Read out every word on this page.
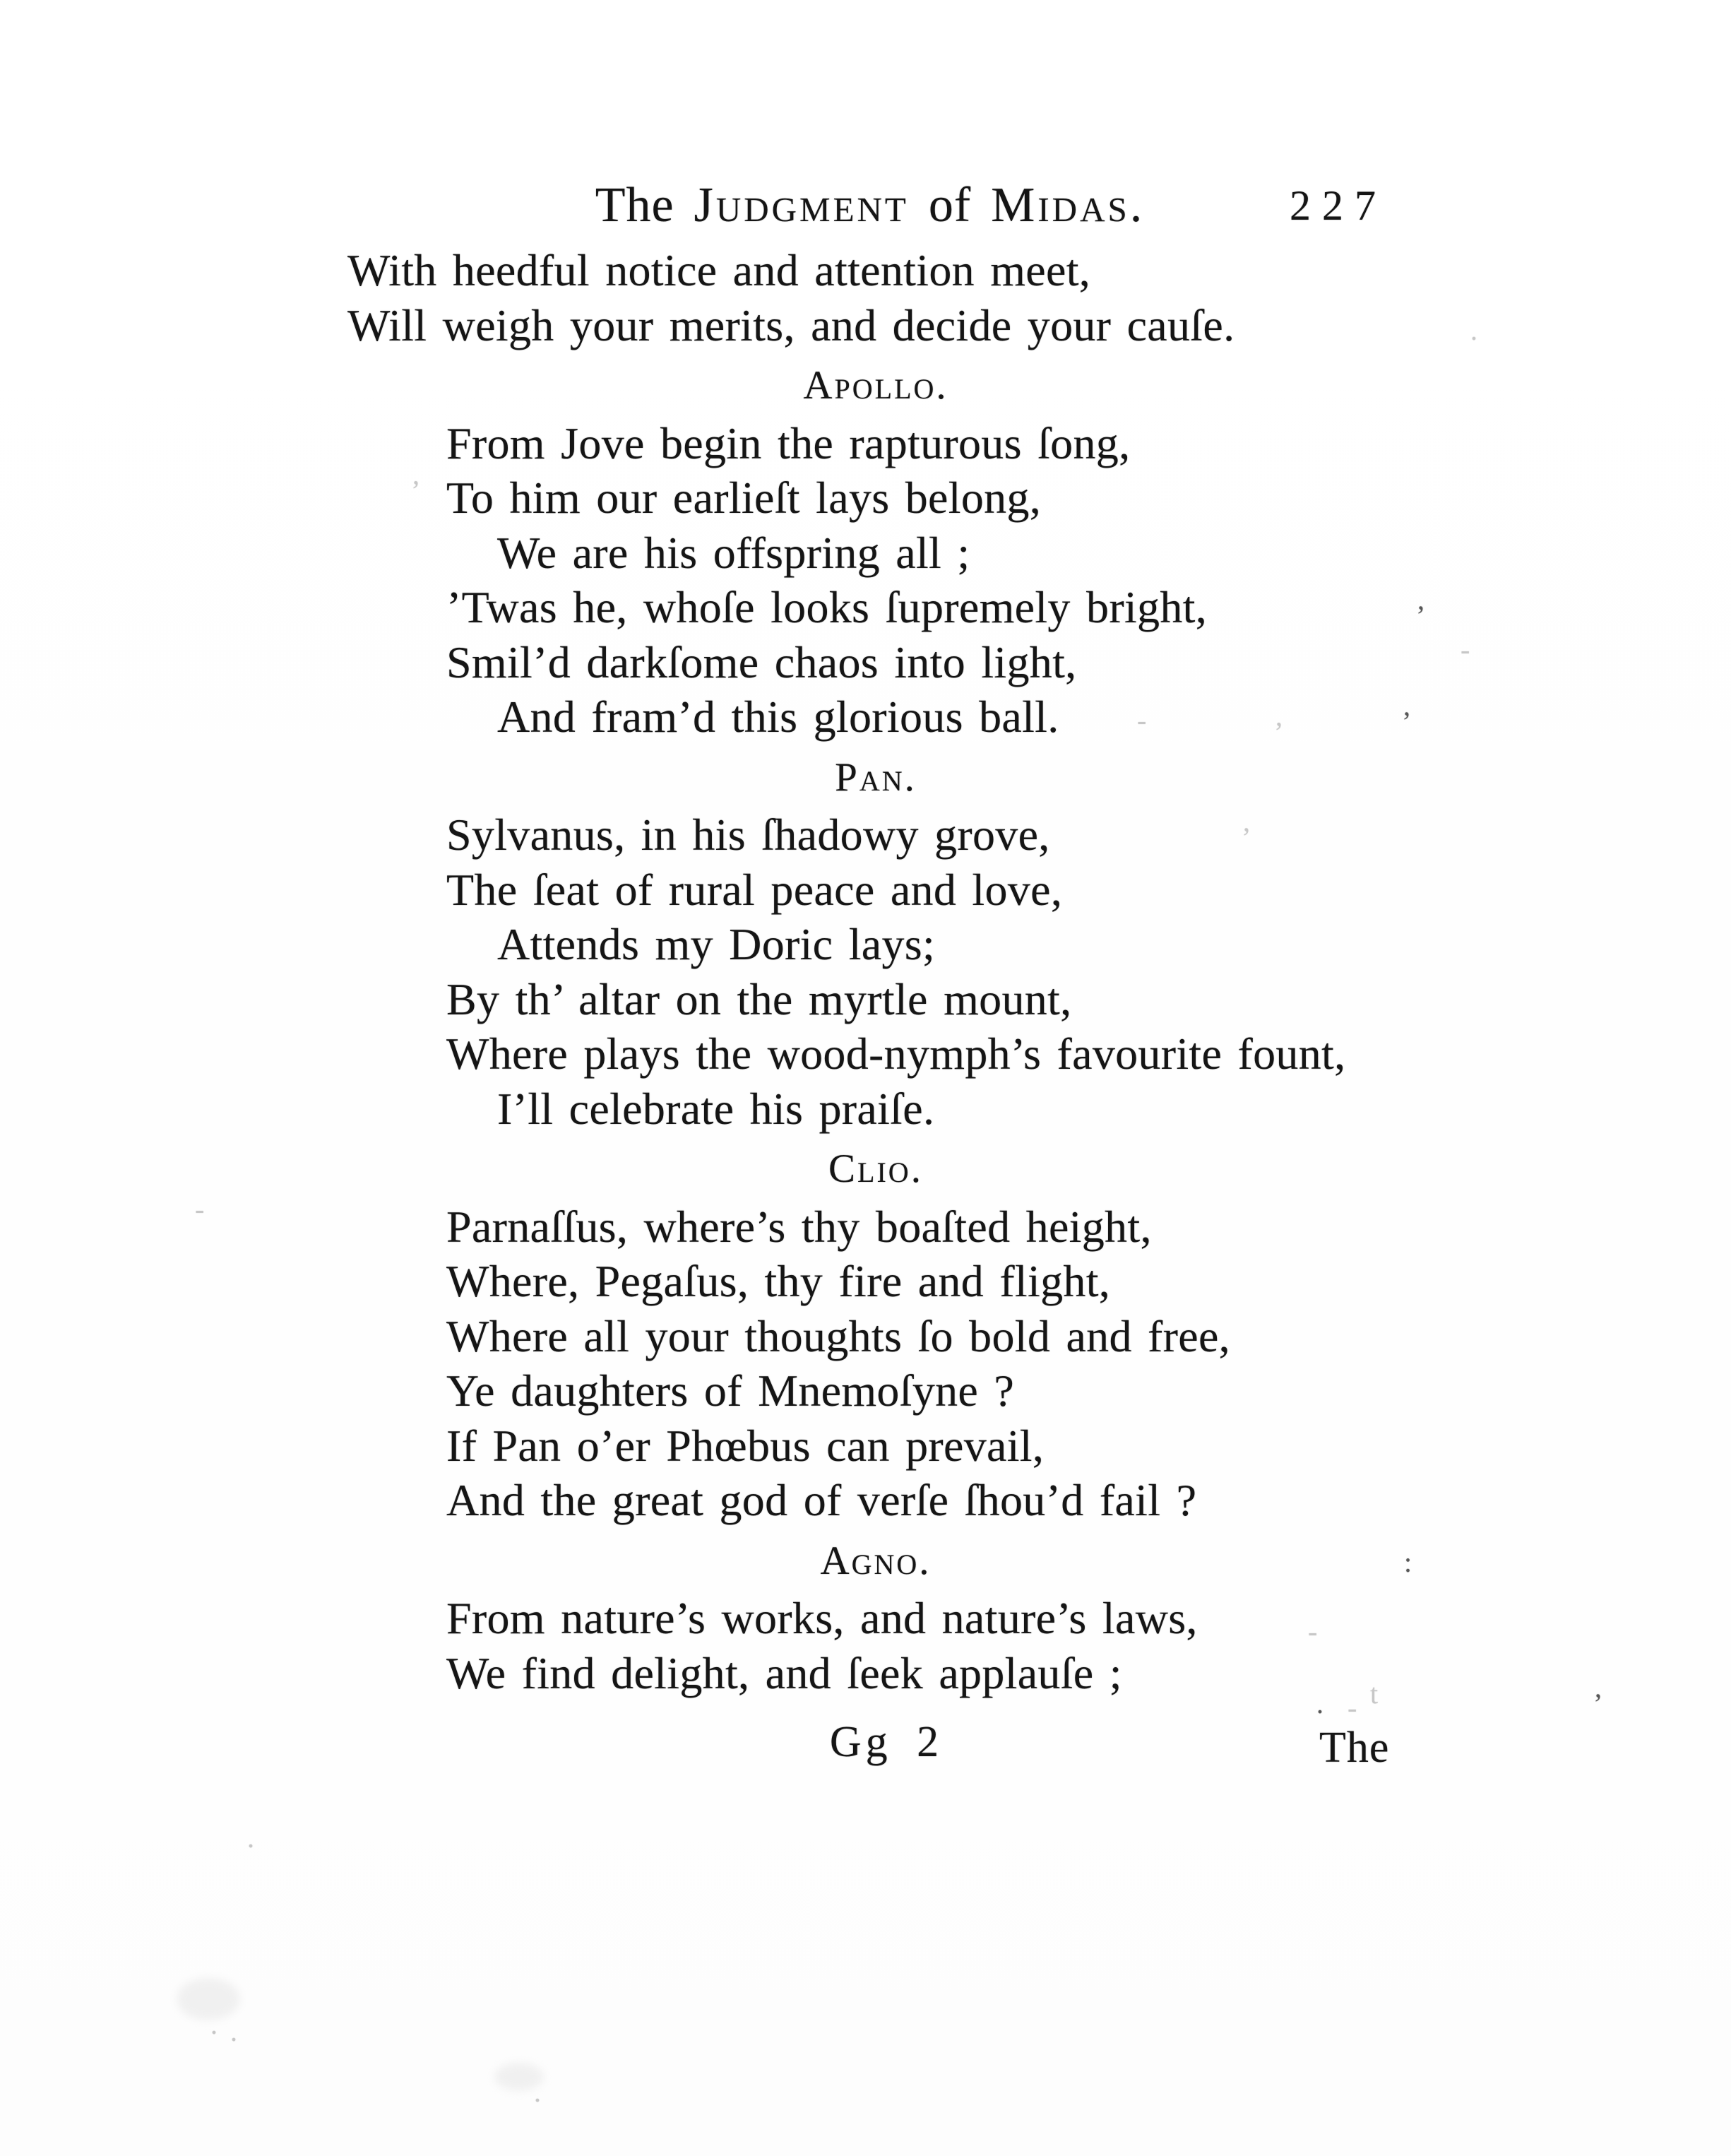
The Judgment of Midas.	227
With heedful notice and attention meet,
Will weigh your merits, and decide your cauſe.
Apollo.
From Jove begin the rapturous ſong,
To him our earlieſt lays belong,
We are his offspring all ;
’Twas he, whoſe looks ſupremely bright,
Smil’d darkſome chaos into light,
And fram’d this glorious ball.
Pan.
Sylvanus, in his ſhadowy grove,
The ſeat of rural peace and love,
Attends my Doric lays;
By th’ altar on the myrtle mount,
Where plays the wood-nymph’s favourite fount,
I’ll celebrate his praiſe.
Clio.
Parnaſſus, where’s thy boaſted height,
Where, Pegaſus, thy fire and flight,
Where all your thoughts ſo bold and free,
Ye daughters of Mnemoſyne ?
If Pan o’er Phœbus can prevail,
And the great god of verſe ſhou’d fail ?
Agno.
From nature’s works, and nature’s laws,
We find delight, and ſeek applauſe ;
Gg 2	The
.
’
-
’
-
’
,
:
-
. - t	’
-
.
. .
.
,
